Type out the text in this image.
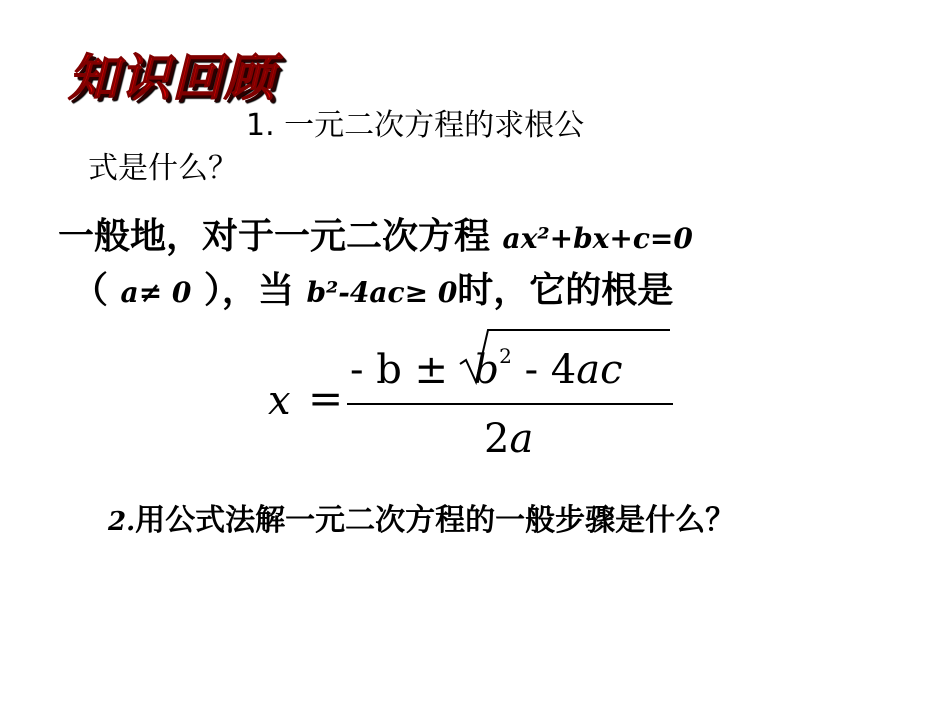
知识回顾
1. 一元二次方程的求根公
式是什么？
一般地，对于一元二次方程 ax²+bx+c=0
（ a≠ 0 ），当 b²-4ac≥ 0时，它的根是
x =
- $b \pm b^2 - 4ac$
2a
2.用公式法解一元二次方程的一般步骤是什么？
